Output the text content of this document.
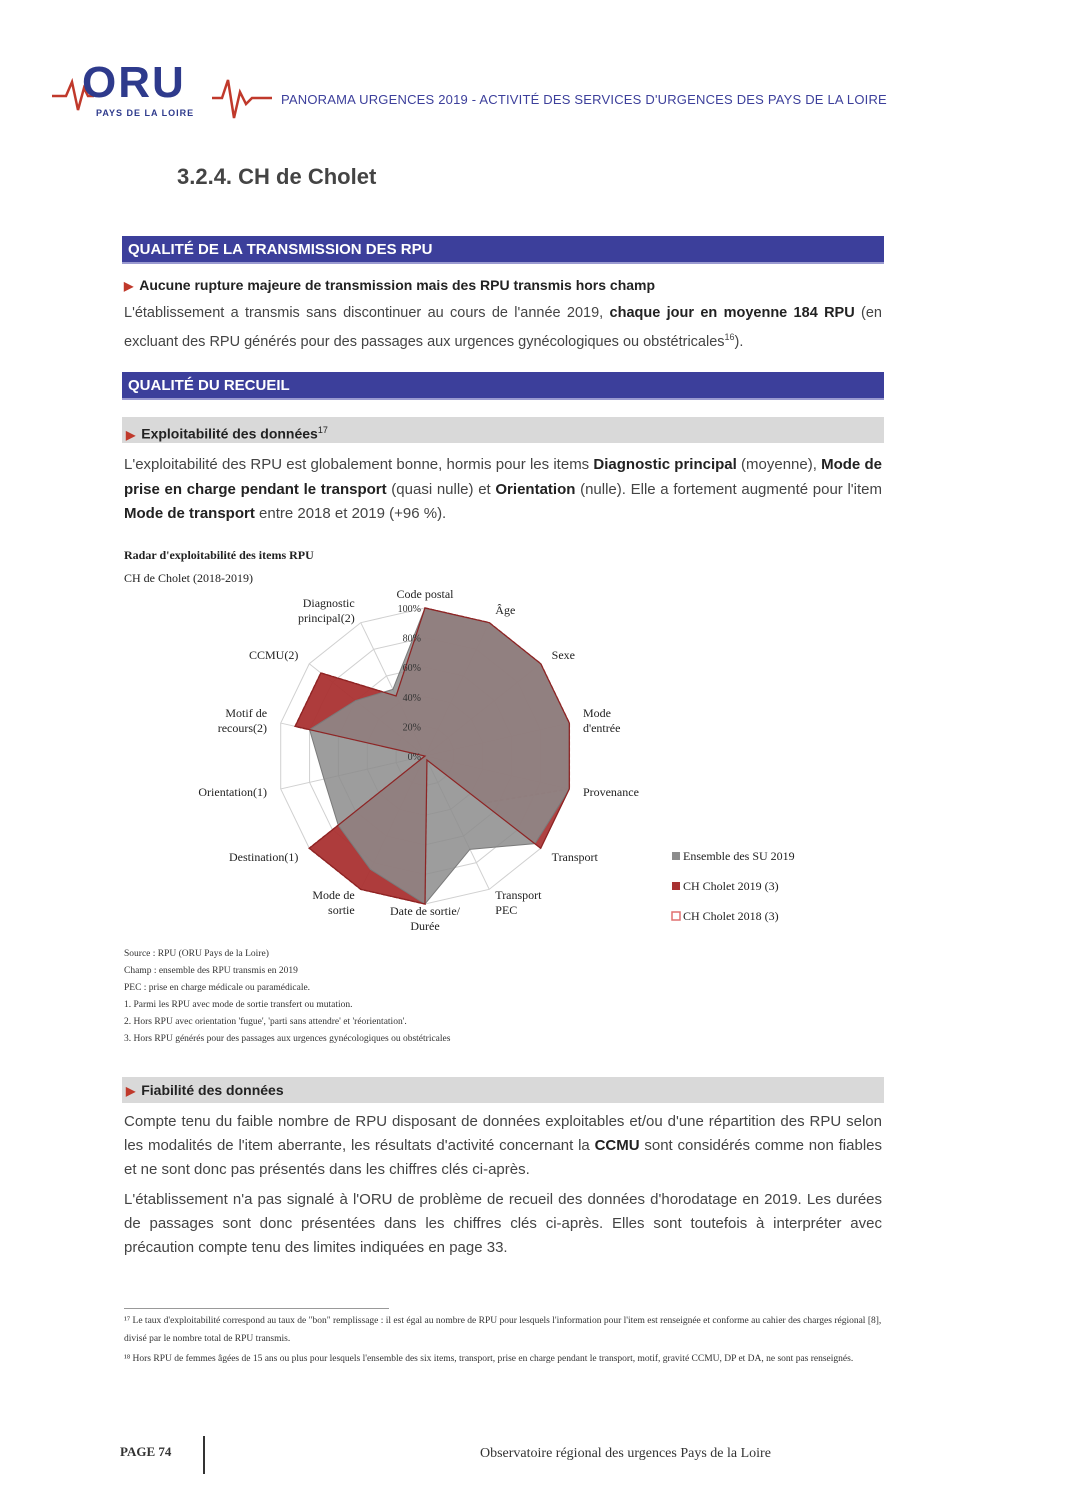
ORU
PAYS DE LA LOIRE
PANORAMA URGENCES 2019 - ACTIVITÉ DES SERVICES D'URGENCES DES PAYS DE LA LOIRE
3.2.4. CH de Cholet
QUALITÉ DE LA TRANSMISSION DES RPU
▶ Aucune rupture majeure de transmission mais des RPU transmis hors champ
L'établissement a transmis sans discontinuer au cours de l'année 2019, chaque jour en moyenne 184 RPU (en excluant des RPU générés pour des passages aux urgences gynécologiques ou obstétricales$^{16}$).
QUALITÉ DU RECUEIL
▶ Exploitabilité des données$^{17}$
L'exploitabilité des RPU est globalement bonne, hormis pour les items Diagnostic principal (moyenne), Mode de prise en charge pendant le transport (quasi nulle) et Orientation (nulle). Elle a fortement augmenté pour l'item Mode de transport entre 2018 et 2019 (+96 %).
Radar d'exploitabilité des items RPU
CH de Cholet (2018-2019)
0%
20%
40%
60%
80%
100%
Code postal
Âge
Sexe
Mode d'entrée
Provenance
Transport
Transport PEC
Date de sortie/ Durée
Mode de sortie
Destination(1)
Orientation(1)
Motif de recours(2)
CCMU(2)
Diagnostic principal(2)
Ensemble des SU 2019
CH Cholet 2019 (3)
CH Cholet 2018 (3)
Source : RPU (ORU Pays de la Loire)
Champ : ensemble des RPU transmis en 2019
PEC : prise en charge médicale ou paramédicale.
1. Parmi les RPU avec mode de sortie transfert ou mutation.
2. Hors RPU avec orientation 'fugue', 'parti sans attendre' et 'réorientation'.
3. Hors RPU générés pour des passages aux urgences gynécologiques ou obstétricales
▶ Fiabilité des données
Compte tenu du faible nombre de RPU disposant de données exploitables et/ou d'une répartition des RPU selon les modalités de l'item aberrante, les résultats d'activité concernant la CCMU sont considérés comme non fiables et ne sont donc pas présentés dans les chiffres clés ci-après.
L'établissement n'a pas signalé à l'ORU de problème de recueil des données d'horodatage en 2019. Les durées de passages sont donc présentées dans les chiffres clés ci-après. Elles sont toutefois à interpréter avec précaution compte tenu des limites indiquées en page 33.
¹⁷ Le taux d'exploitabilité correspond au taux de "bon" remplissage : il est égal au nombre de RPU pour lesquels l'information pour l'item est renseignée et conforme au cahier des charges régional [8], divisé par le nombre total de RPU transmis.
¹⁸ Hors RPU de femmes âgées de 15 ans ou plus pour lesquels l'ensemble des six items, transport, prise en charge pendant le transport, motif, gravité CCMU, DP et DA, ne sont pas renseignés.
PAGE 74	Observatoire régional des urgences Pays de la Loire
